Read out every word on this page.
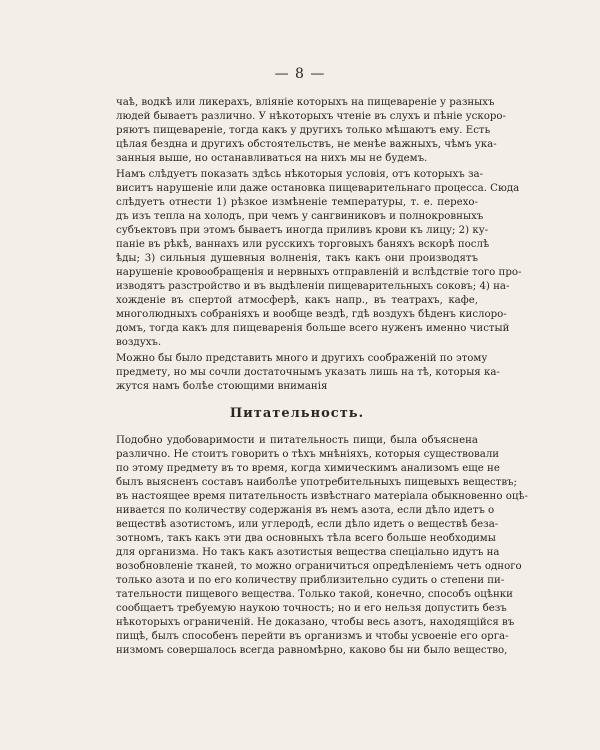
— 8 —
чаѣ, водкѣ или ликерахъ, вліяніе которыхъ на пищевареніе у разныхъ
людей бываетъ различно. У нѣкоторыхъ чтеніе въ слухъ и пѣніе ускоро-
ряютъ пищевареніе, тогда какъ у другихъ только мѣшаютъ ему. Есть
цѣлая бездна и другихъ обстоятельствъ, не менѣе важныхъ, чѣмъ ука-
занныя выше, но останавливаться на нихъ мы не будемъ.
Намъ слѣдуетъ показать здѣсь нѣкоторыя условія, отъ которыхъ за-
виситъ нарушеніе или даже остановка пищеварительнаго процесса. Сюда
слѣдуетъ отнести 1) рѣзкое измѣненіе температуры, т. е. перехо-
дъ изъ тепла на холодъ, при чемъ у сангвиниковъ и полнокровныхъ
субъектовъ при этомъ бываетъ иногда приливъ крови къ лицу; 2) ку-
паніе въ рѣкѣ, ваннахъ или русскихъ торговыхъ баняхъ вскорѣ послѣ
ѣды; 3) сильныя душевныя волненія, такъ какъ они производятъ
нарушеніе кровообращенія и нервныхъ отправленій и вслѣдствіе того про-
изводятъ разстройство и въ выдѣленіи пищеварительныхъ соковъ; 4) на-
хожденіе въ спертой атмосферѣ, какъ напр., въ театрахъ, кафе,
многолюдныхъ собраніяхъ и вообще вездѣ, гдѣ воздухъ бѣденъ кислоро-
домъ, тогда какъ для пищеваренія больше всего нуженъ именно чистый
воздухъ.
Можно бы было представить много и другихъ соображеній по этому
предмету, но мы сочли достаточнымъ указать лишь на тѣ, которыя ка-
жутся намъ болѣе стоющими вниманія
Питательность.
Подобно удобоваримости и питательность пищи, была объяснена
различно. Не стоитъ говорить о тѣхъ мнѣніяхъ, которыя существовали
по этому предмету въ то время, когда химическимъ анализомъ еще не
былъ выясненъ составъ наиболѣе употребительныхъ пищевыхъ веществъ;
въ настоящее время питательность извѣстнаго матеріала обыкновенно оцѣ-
нивается по количеству содержанія въ немъ азота, если дѣло идетъ о
веществѣ азотистомъ, или углеродѣ, если дѣло идетъ о веществѣ безa-
зотномъ, такъ какъ эти два основныхъ тѣла всего больше необходимы
для организма. Но такъ какъ азотистыя вещества спеціально идутъ на
возобновленіе тканей, то можно ограничиться опредѣленіемъ четъ одного
только азота и по его количеству приблизительно судить о степени пи-
тательности пищевого вещества. Только такой, конечно, способъ оцѣнки
сообщаетъ требуемую наукою точность; но и его нельзя допустить безъ
нѣкоторыхъ ограниченій. Не доказано, чтобы весь азотъ, находящійся въ
пищѣ, былъ способенъ перейти въ организмъ и чтобы усвоеніе его орга-
низмомъ совершалось всегда равномѣрно, каково бы ни было вещество,
